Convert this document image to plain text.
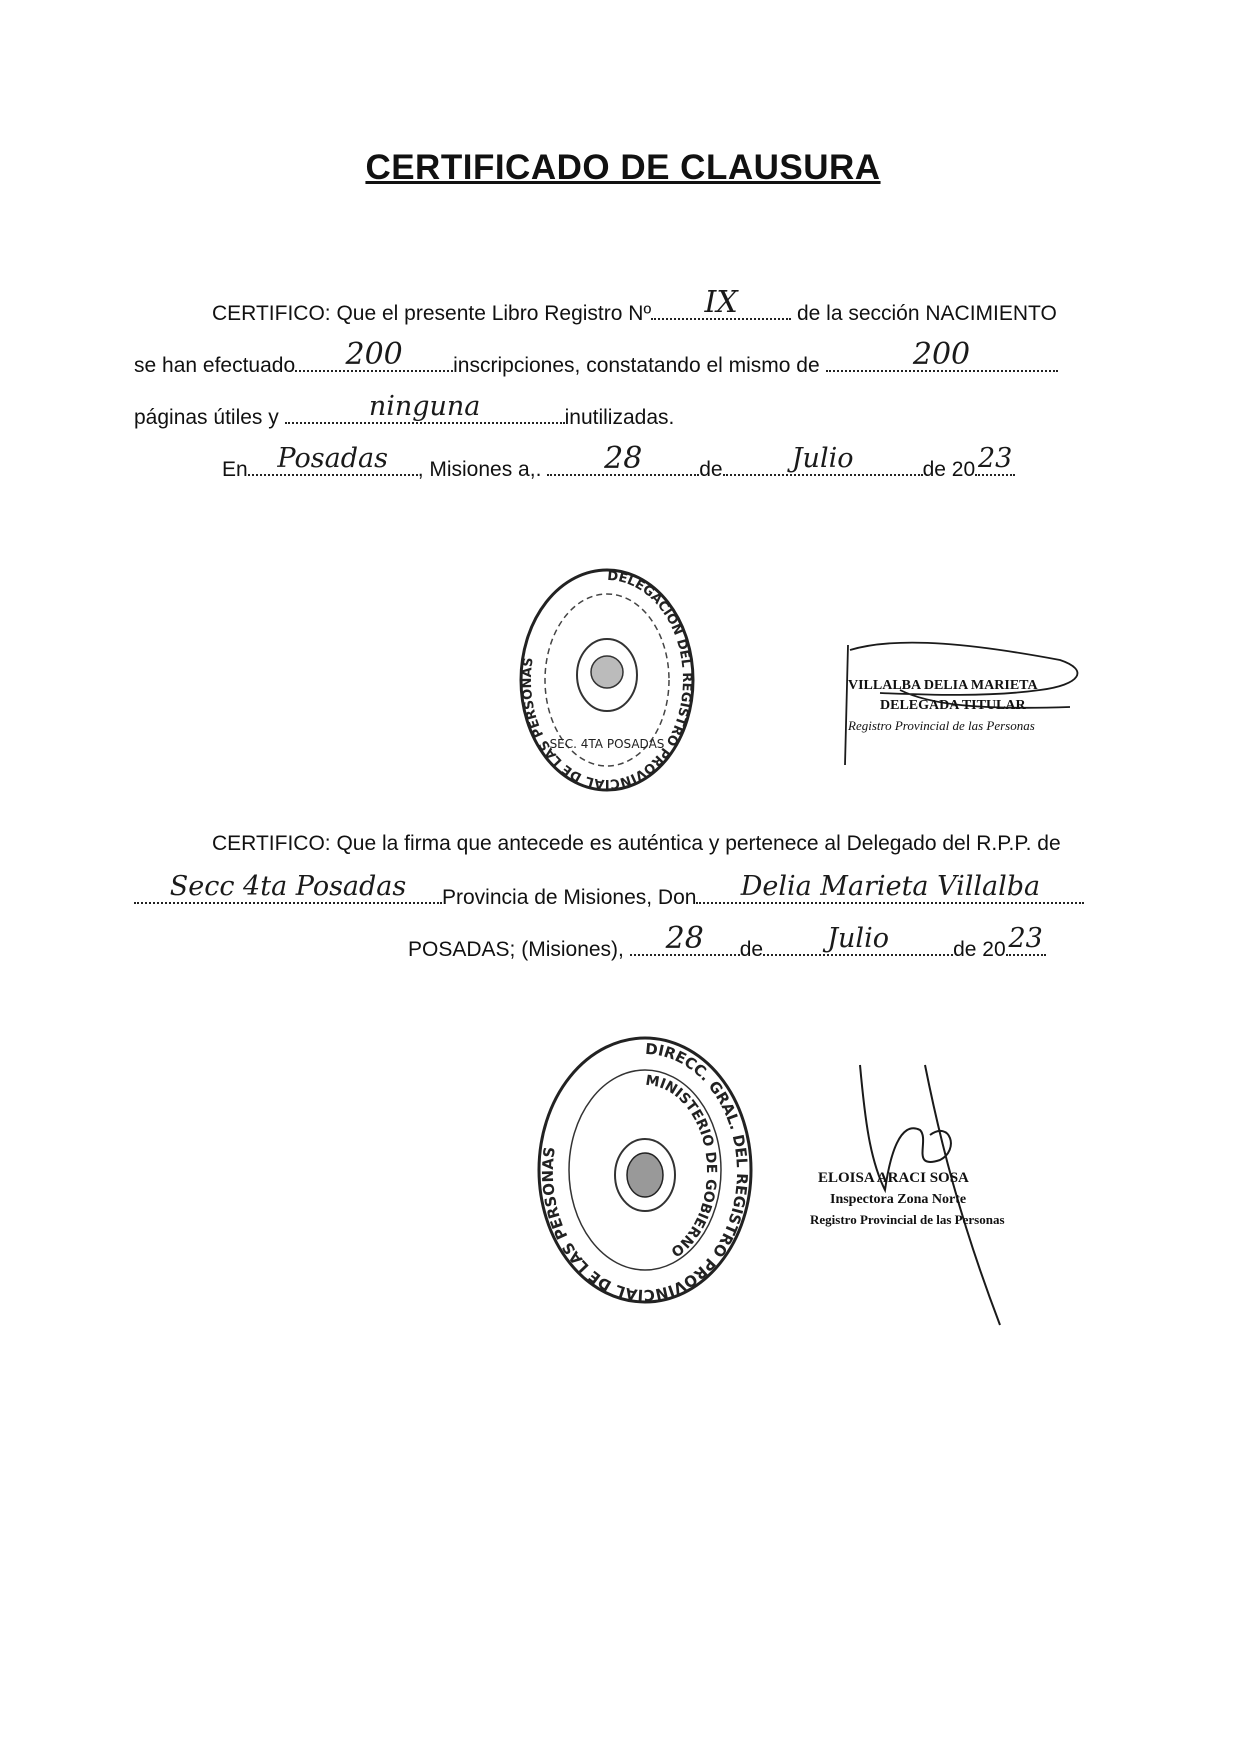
CERTIFICADO DE CLAUSURA
CERTIFICO: Que el presente Libro Registro Nº	IX	de la sección NACIMIENTO
se han efectuado	200	inscripciones, constatando el mismo de	200
páginas útiles y	ninguna	inutilizadas.
En	Posadas	, Misiones a,.	28	de	Julio	de 20 23
DELEGACION DEL REGISTRO PROVINCIAL DE LAS PERSONAS
SEC. 4TA POSADAS
VILLALBA DELIA MARIETA
DELEGADA TITULAR
Registro Provincial de las Personas
CERTIFICO: Que la firma que antecede es auténtica y pertenece al Delegado del R.P.P. de
Secc 4ta Posadas	Provincia de Misiones, Don	Delia Marieta Villalba
POSADAS; (Misiones),	28	de	Julio	de 20 23
DIRECC. GRAL. DEL REGISTRO PROVINCIAL DE LAS PERSONAS
MINISTERIO DE GOBIERNO
ELOISA ARACI SOSA
Inspectora Zona Norte
Registro Provincial de las Personas
